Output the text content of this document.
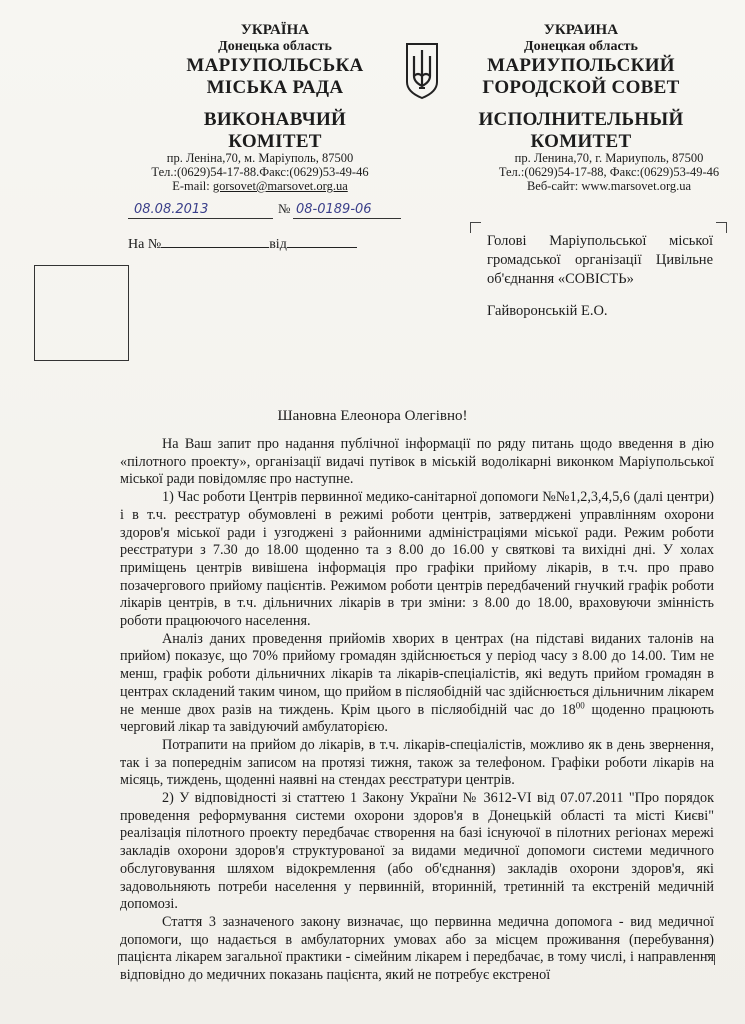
УКРАЇНА
Донецька область
МАРІУПОЛЬСЬКА
МІСЬКА РАДА
ВИКОНАВЧИЙ
КОМІТЕТ
пр. Леніна,70, м. Маріуполь, 87500
Тел.:(0629)54-17-88.Факс:(0629)53-49-46
E-mail: gorsovet@marsovet.org.ua
УКРАИНА
Донецкая область
МАРИУПОЛЬСКИЙ
ГОРОДСКОЙ СОВЕТ
ИСПОЛНИТЕЛЬНЫЙ
КОМИТЕТ
пр. Ленина,70, г. Мариуполь, 87500
Тел.:(0629)54-17-88, Факс:(0629)53-49-46
Веб-сайт: www.marsovet.org.ua
08.08.2013	№ 08-0189-06
На №	від	Голові Маріупольської міської громадської організації Цивільне об'єднання «СОВІСТЬ»
Гайворонській Е.О.
Шановна Елеонора Олегівно!

На Ваш запит про надання публічної інформації по ряду питань щодо введення в дію «пілотного проекту», організації видачі путівок в міській водолікарні виконком Маріупольської міської ради повідомляє про наступне.

1) Час роботи Центрів первинної медико-санітарної допомоги №№1,2,3,4,5,6 (далі центри) і в т.ч. реєстратур обумовлені в режимі роботи центрів, затверджені управлінням охорони здоров'я міської ради і узгоджені з районними адміністраціями міської ради. Режим роботи реєстратури з 7.30 до 18.00 щоденно та з 8.00 до 16.00 у святкові та вихідні дні. У холах приміщень центрів вивішена інформація про графіки прийому лікарів, в т.ч. про право позачергового прийому пацієнтів. Режимом роботи центрів передбачений гнучкий графік роботи лікарів центрів, в т.ч. дільничних лікарів в три зміни: з 8.00 до 18.00, враховуючи змінність роботи працюючого населення.

Аналіз даних проведення прийомів хворих в центрах (на підставі виданих талонів на прийом) показує, що 70% прийому громадян здійснюється у період часу з 8.00 до 14.00. Тим не менш, графік роботи дільничних лікарів та лікарів-спеціалістів, які ведуть прийом громадян в центрах складений таким чином, що прийом в післяобідній час здійснюється дільничним лікарем не менше двох разів на тиждень. Крім цього в післяобідній час до $18^{00}$ щоденно працюють черговий лікар та завідуючий амбулаторією.

Потрапити на прийом до лікарів, в т.ч. лікарів-спеціалістів, можливо як в день звернення, так і за попереднім записом на протязі тижня, також за телефоном. Графіки роботи лікарів на місяць, тиждень, щоденні наявні на стендах реєстратури центрів.

2) У відповідності зі статтею 1 Закону України № 3612-VI від 07.07.2011 "Про порядок проведення реформування системи охорони здоров'я в Донецькій області та місті Києві" реалізація пілотного проекту передбачає створення на базі існуючої в пілотних регіонах мережі закладів охорони здоров'я структурованої за видами медичної допомоги системи медичного обслуговування шляхом відокремлення (або об'єднання) закладів охорони здоров'я, які задовольняють потреби населення у первинній, вторинній, третинній та екстреній медичній допомозі.

Стаття 3 зазначеного закону визначає, що первинна медична допомога - вид медичної допомоги, що надається в амбулаторних умовах або за місцем проживання (перебування) пацієнта лікарем загальної практики - сімейним лікарем і передбачає, в тому числі, і направлення відповідно до медичних показань пацієнта, який не потребує екстреної
